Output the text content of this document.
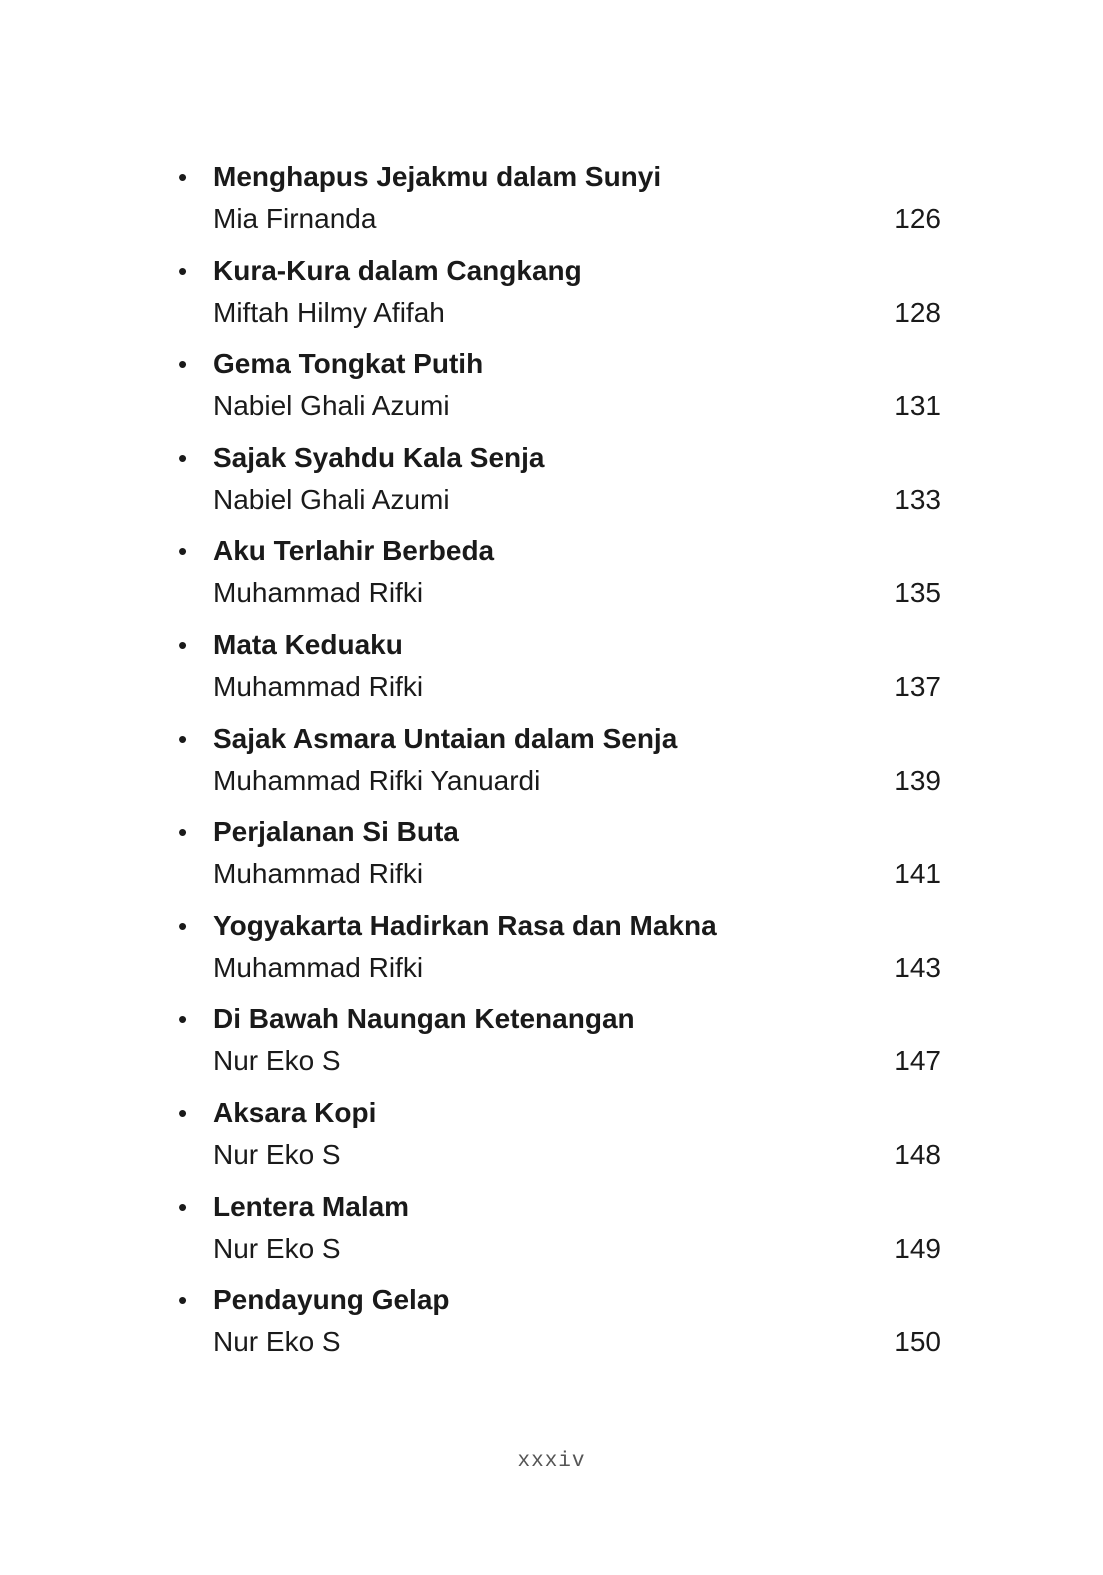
• Menghapus Jejakmu dalam Sunyi
Mia Firnanda	126
• Kura-Kura dalam Cangkang
Miftah Hilmy Afifah	128
• Gema Tongkat Putih
Nabiel Ghali Azumi	131
• Sajak Syahdu Kala Senja
Nabiel Ghali Azumi	133
• Aku Terlahir Berbeda
Muhammad Rifki	135
• Mata Keduaku
Muhammad Rifki	137
• Sajak Asmara Untaian dalam Senja
Muhammad Rifki Yanuardi	139
• Perjalanan Si Buta
Muhammad Rifki	141
• Yogyakarta Hadirkan Rasa dan Makna
Muhammad Rifki	143
• Di Bawah Naungan Ketenangan
Nur Eko S	147
• Aksara Kopi
Nur Eko S	148
• Lentera Malam
Nur Eko S	149
• Pendayung Gelap
Nur Eko S	150
xxxiv
